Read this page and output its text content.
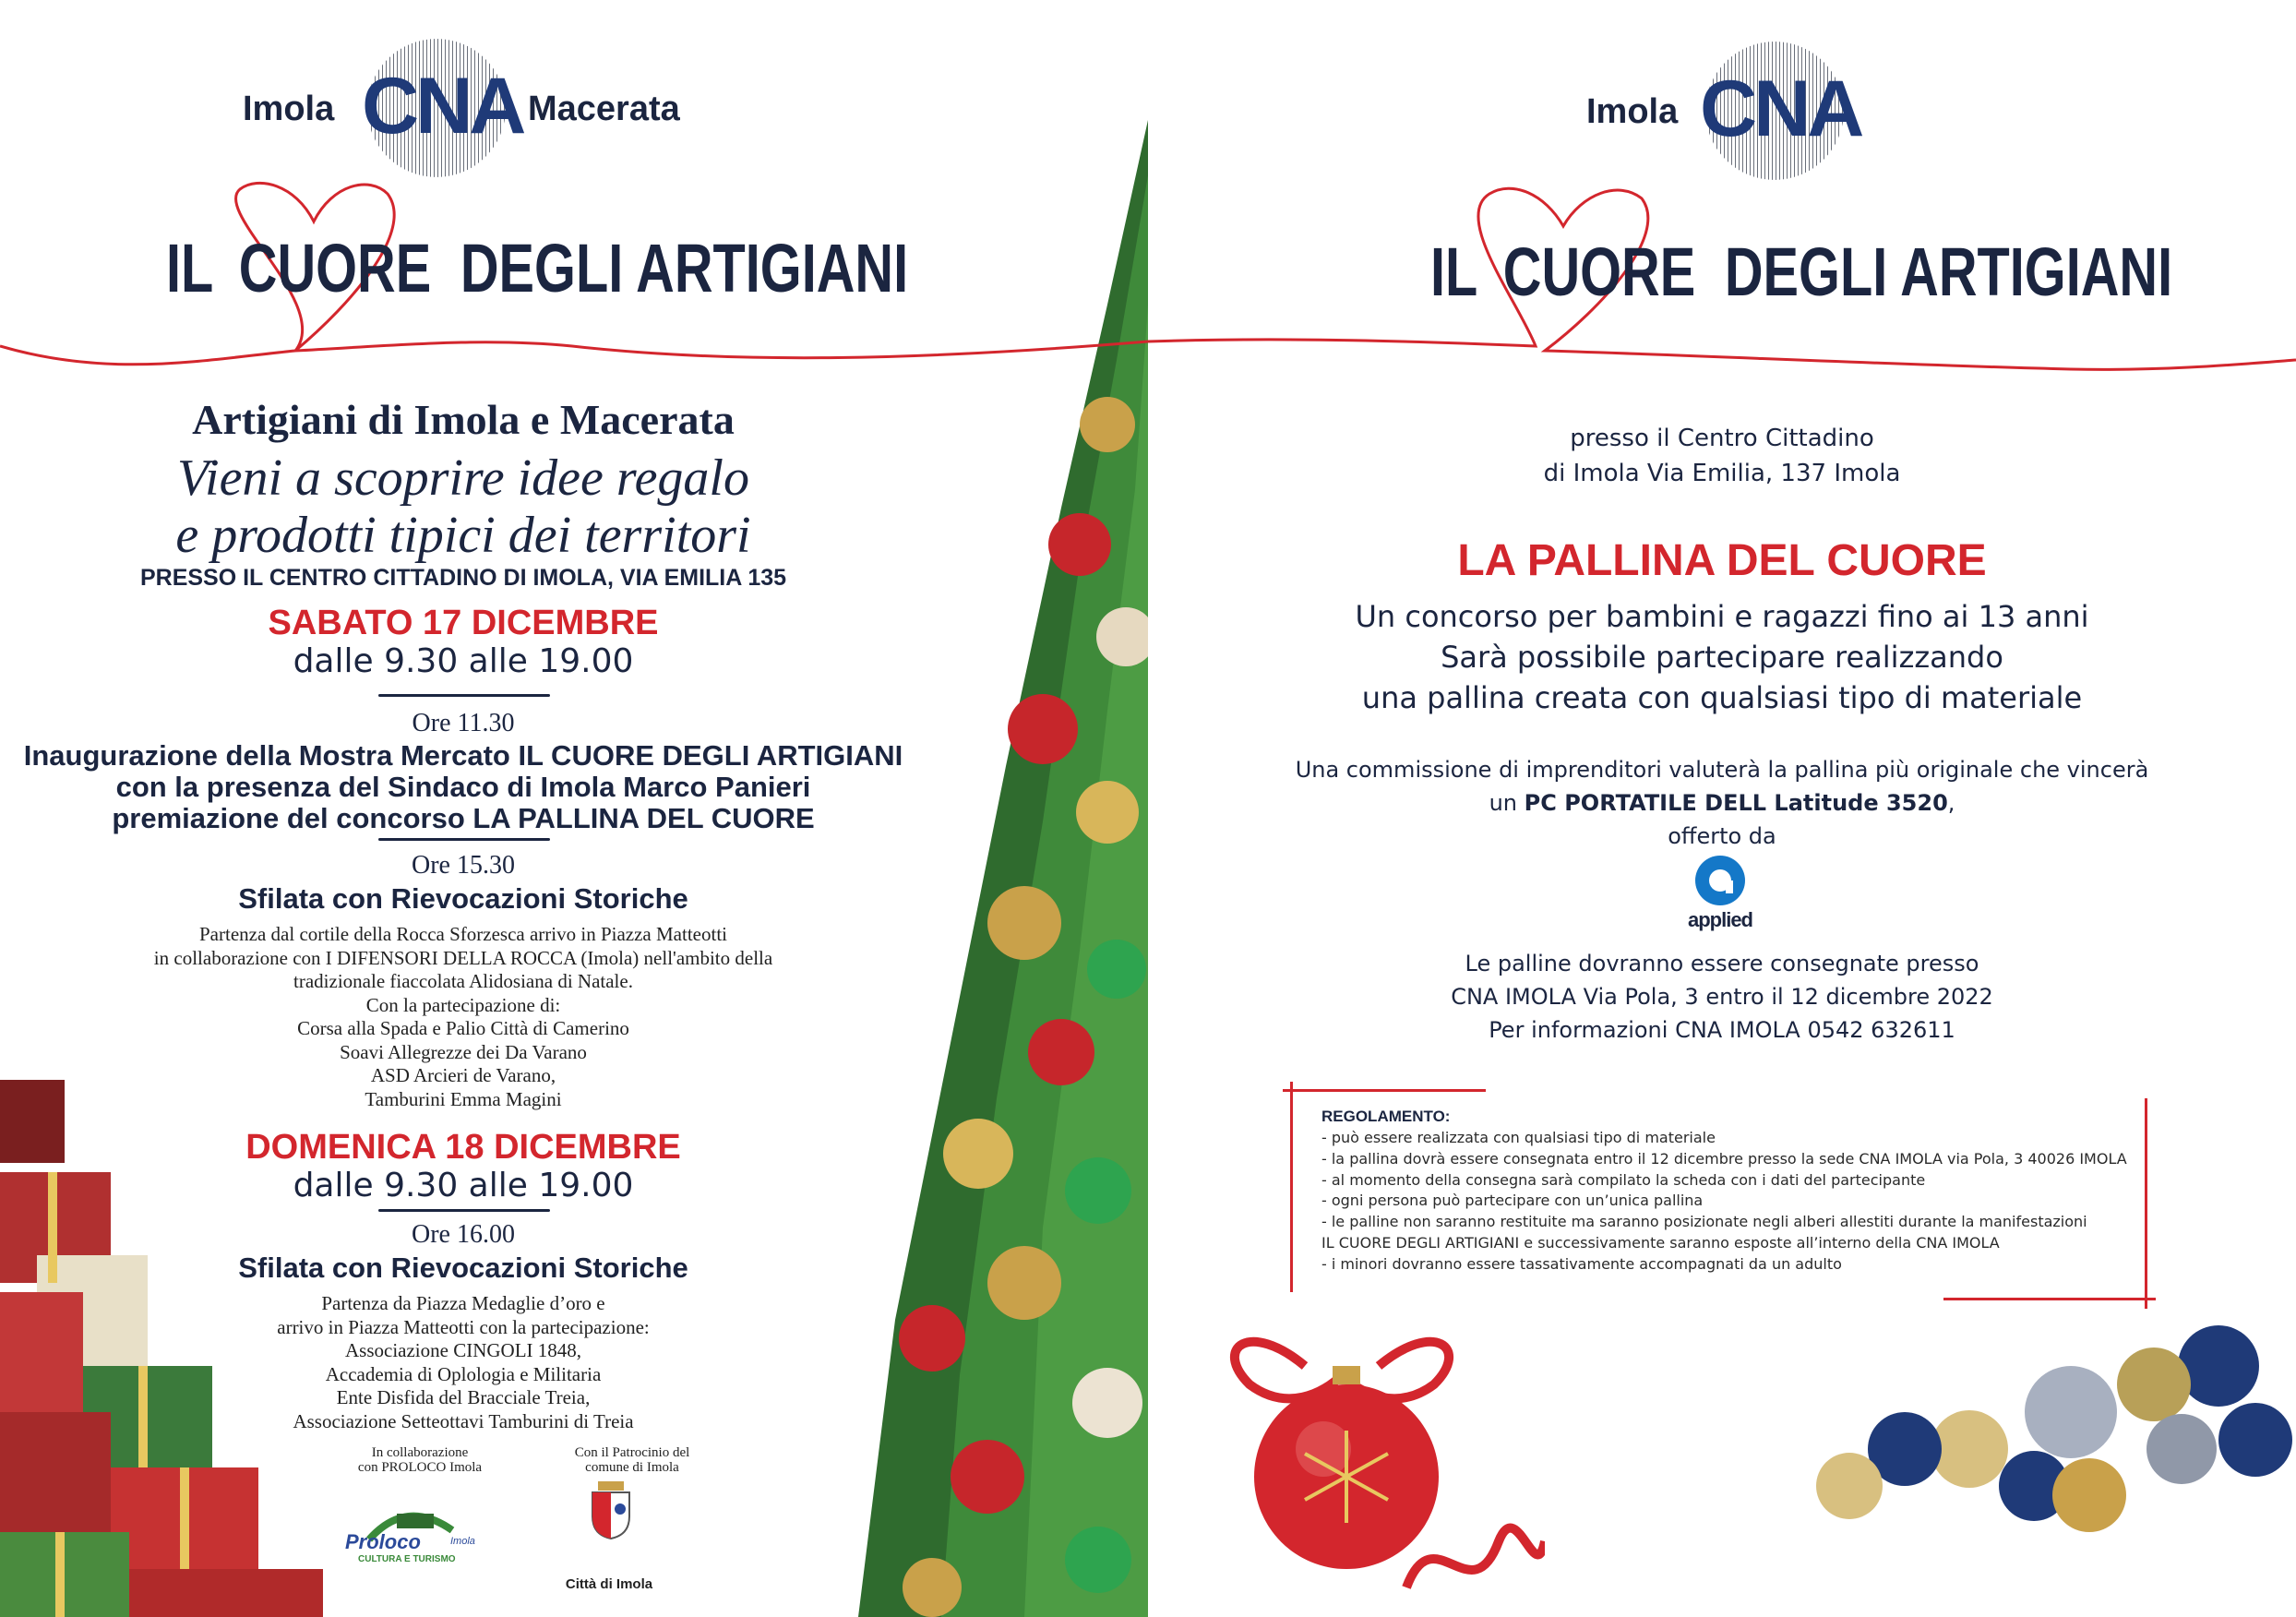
Imola CNA Macerata
IL CUORE DEGLI ARTIGIANI
Artigiani di Imola e Macerata
Vieni a scoprire idee regalo
e prodotti tipici dei territori
PRESSO IL CENTRO CITTADINO DI IMOLA, VIA EMILIA 135
SABATO 17 DICEMBRE
dalle 9.30 alle 19.00
Ore 11.30
Inaugurazione della Mostra Mercato IL CUORE DEGLI ARTIGIANI
con la presenza del Sindaco di Imola Marco Panieri
premiazione del concorso LA PALLINA DEL CUORE
Ore 15.30
Sfilata con Rievocazioni Storiche
Partenza dal cortile della Rocca Sforzesca arrivo in Piazza Matteotti
in collaborazione con I DIFENSORI DELLA ROCCA (Imola) nell'ambito della
tradizionale fiaccolata Alidosiana di Natale.
Con la partecipazione di:
Corsa alla Spada e Palio Città di Camerino
Soavi Allegrezze dei Da Varano
ASD Arcieri de Varano,
Tamburini Emma Magini
DOMENICA 18 DICEMBRE
dalle 9.30 alle 19.00
Ore 16.00
Sfilata con Rievocazioni Storiche
Partenza da Piazza Medaglie d’oro e
arrivo in Piazza Matteotti con la partecipazione:
Associazione CINGOLI 1848,
Accademia di Oplologia e Militaria
Ente Disfida del Bracciale Treia,
Associazione Setteottavi Tamburini di Treia
In collaborazione
con PROLOCO Imola
Proloco	Imola
CULTURA E TURISMO
Con il Patrocinio del
comune di Imola
Città di Imola
Imola CNA
IL CUORE DEGLI ARTIGIANI
presso il Centro Cittadino
di Imola Via Emilia, 137 Imola
LA PALLINA DEL CUORE
Un concorso per bambini e ragazzi fino ai 13 anni
Sarà possibile partecipare realizzando
una pallina creata con qualsiasi tipo di materiale
Una commissione di imprenditori valuterà la pallina più originale che vincerà
un PC PORTATILE DELL Latitude 3520,
offerto da
applied
Le palline dovranno essere consegnate presso
CNA IMOLA Via Pola, 3 entro il 12 dicembre 2022
Per informazioni CNA IMOLA 0542 632611
REGOLAMENTO:
- può essere realizzata con qualsiasi tipo di materiale
- la pallina dovrà essere consegnata entro il 12 dicembre presso la sede CNA IMOLA via Pola, 3 40026 IMOLA
- al momento della consegna sarà compilato la scheda con i dati del partecipante
- ogni persona può partecipare con un’unica pallina
- le palline non saranno restituite ma saranno posizionate negli alberi allestiti durante la manifestazioni
IL CUORE DEGLI ARTIGIANI e successivamente saranno esposte all’interno della CNA IMOLA
- i minori dovranno essere tassativamente accompagnati da un adulto
